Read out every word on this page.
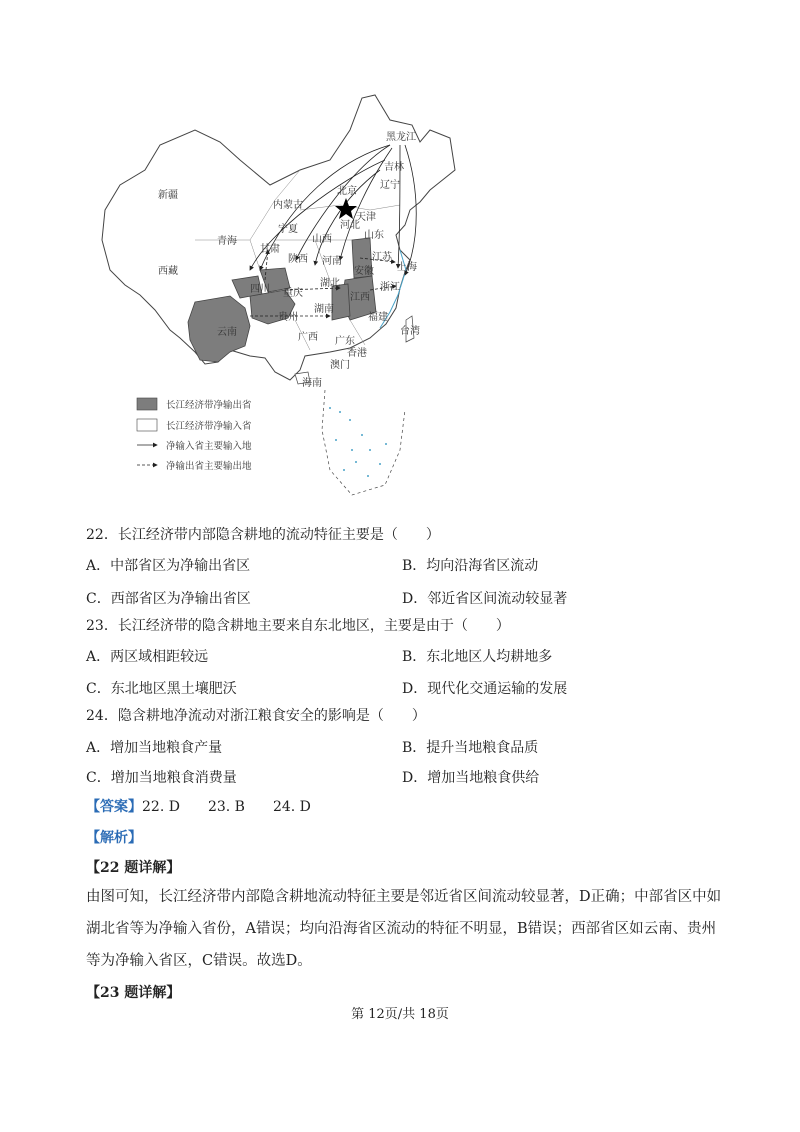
新疆
西藏
青海
内蒙古
甘肃
宁夏
陕西
四川 重庆
云南
贵州
广西
海南
广东
香港
澳门
湖南
湖北
河南
山西
河北
北京
天津
山东
江苏
安徽 上海
浙江
江西
福建
台湾
辽宁
吉林
黑龙江
长江经济带净输出省
长江经济带净输入省
净输入省主要输入地
净输出省主要输出地
22．长江经济带内部隐含耕地的流动特征主要是（　　）
A．中部省区为净输出省区	B．均向沿海省区流动
C．西部省区为净输出省区	D．邻近省区间流动较显著
23．长江经济带的隐含耕地主要来自东北地区，主要是由于（　　）
A．两区域相距较远	B．东北地区人均耕地多
C．东北地区黑土壤肥沃	D．现代化交通运输的发展
24．隐含耕地净流动对浙江粮食安全的影响是（　　）
A．增加当地粮食产量	B．提升当地粮食品质
C．增加当地粮食消费量	D．增加当地粮食供给
【答案】22. D　　23. B　　24. D
【解析】
【22 题详解】
由图可知，长江经济带内部隐含耕地流动特征主要是邻近省区间流动较显著，D正确；中部省区中如湖北省等为净输入省份，A错误；均向沿海省区流动的特征不明显，B错误；西部省区如云南、贵州等为净输入省区，C错误。故选D。
【23 题详解】
第 12页/共 18页
